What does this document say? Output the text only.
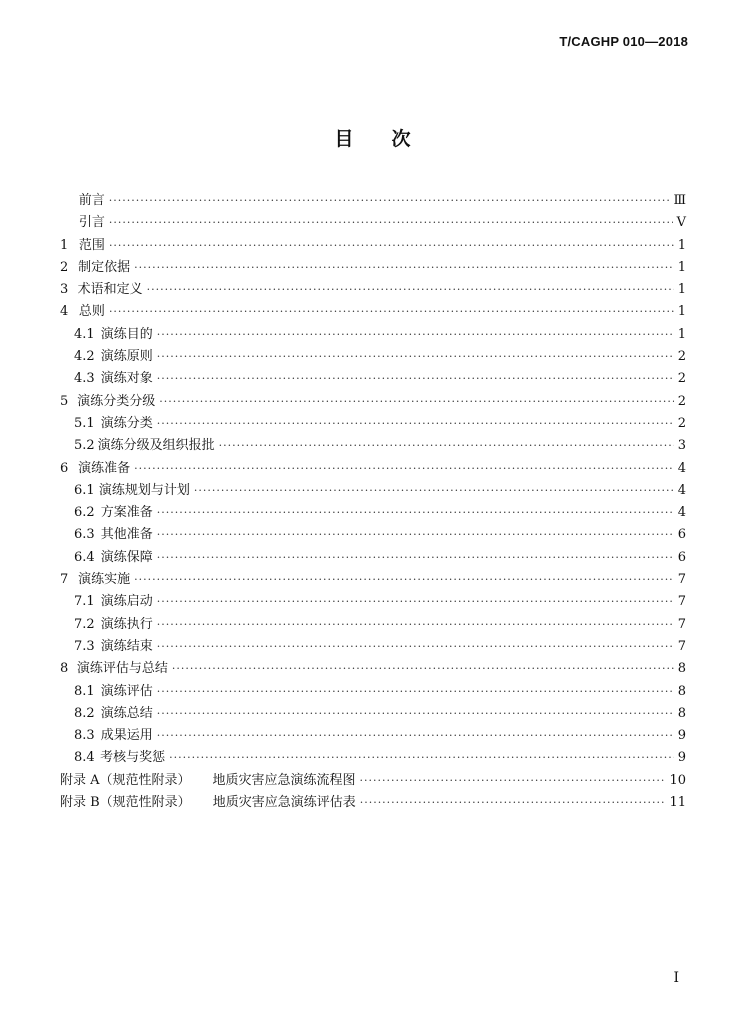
T/CAGHP 010—2018
目 次
前言 ·····	Ⅲ
引言 ·····	Ⅴ
1 范围 ·····	1
2 制定依据 ·····	1
3 术语和定义 ·····	1
4 总则 ·····	1
4.1 演练目的 ·····	1
4.2 演练原则 ·····	2
4.3 演练对象 ·····	2
5 演练分类分级 ·····	2
5.1 演练分类 ·····	2
5.2 演练分级及组织报批 ·····	3
6 演练准备 ·····	4
6.1 演练规划与计划 ·····	4
6.2 方案准备 ·····	4
6.3 其他准备 ·····	6
6.4 演练保障 ·····	6
7 演练实施 ·····	7
7.1 演练启动 ·····	7
7.2 演练执行 ·····	7
7.3 演练结束 ·····	7
8 演练评估与总结 ·····	8
8.1 演练评估 ·····	8
8.2 演练总结 ·····	8
8.3 成果运用 ·····	9
8.4 考核与奖惩 ·····	9
附录 A（规范性附录） 地质灾害应急演练流程图 ·····	10
附录 B（规范性附录） 地质灾害应急演练评估表 ·····	11
Ⅰ
